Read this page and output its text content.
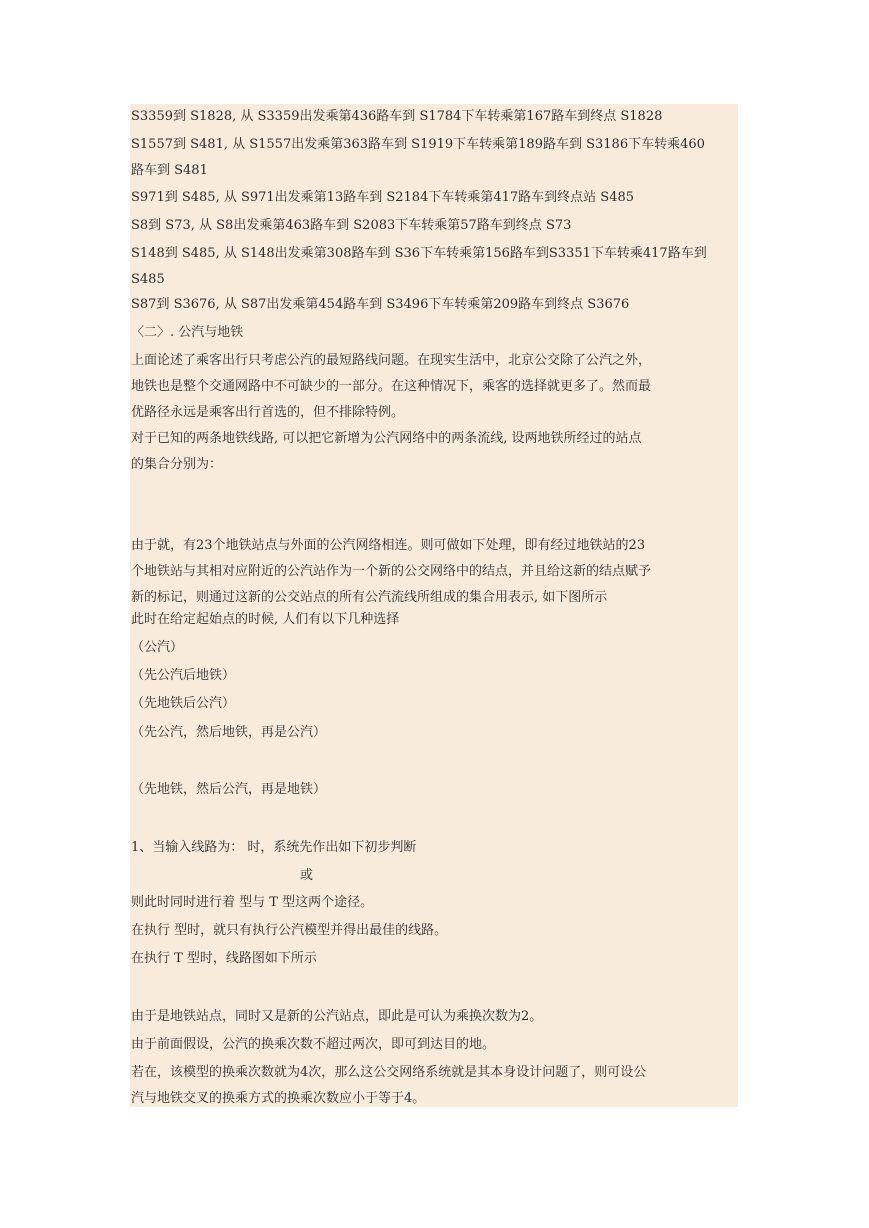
S3359到 S1828, 从 S3359出发乘第436路车到 S1784下车转乘第167路车到终点 S1828
S1557到 S481, 从 S1557出发乘第363路车到 S1919下车转乘第189路车到 S3186下车转乘460
路车到 S481
S971到 S485, 从 S971出发乘第13路车到 S2184下车转乘第417路车到终点站 S485
S8到 S73, 从 S8出发乘第463路车到 S2083下车转乘第57路车到终点 S73
S148到 S485, 从 S148出发乘第308路车到 S36下车转乘第156路车到S3351下车转乘417路车到
S485
S87到 S3676, 从 S87出发乘第454路车到 S3496下车转乘第209路车到终点 S3676
〈二〉. 公汽与地铁
上面论述了乘客出行只考虑公汽的最短路线问题。在现实生活中，北京公交除了公汽之外，
地铁也是整个交通网路中不可缺少的一部分。在这种情况下，乘客的选择就更多了。然而最
优路径永远是乘客出行首选的，但不排除特例。
对于已知的两条地铁线路, 可以把它新增为公汽网络中的两条流线, 设两地铁所经过的站点
的集合分别为：
由于就，有23个地铁站点与外面的公汽网络相连。则可做如下处理，即有经过地铁站的23
个地铁站与其相对应附近的公汽站作为一个新的公交网络中的结点，并且给这新的结点赋予
新的标记，则通过这新的公交站点的所有公汽流线所组成的集合用表示, 如下图所示
此时在给定起始点的时候, 人们有以下几种选择
（公汽）
（先公汽后地铁）
（先地铁后公汽）
（先公汽，然后地铁，再是公汽）
（先地铁，然后公汽，再是地铁）
1、当输入线路为： 时，系统先作出如下初步判断
或
则此时同时进行着 型与 T 型这两个途径。
在执行 型时，就只有执行公汽模型并得出最佳的线路。
在执行 T 型时，线路图如下所示
由于是地铁站点，同时又是新的公汽站点，即此是可认为乘换次数为2。
由于前面假设，公汽的换乘次数不超过两次，即可到达目的地。
若在，该模型的换乘次数就为4次，那么这公交网络系统就是其本身设计问题了，则可设公
汽与地铁交叉的换乘方式的换乘次数应小于等于4。
